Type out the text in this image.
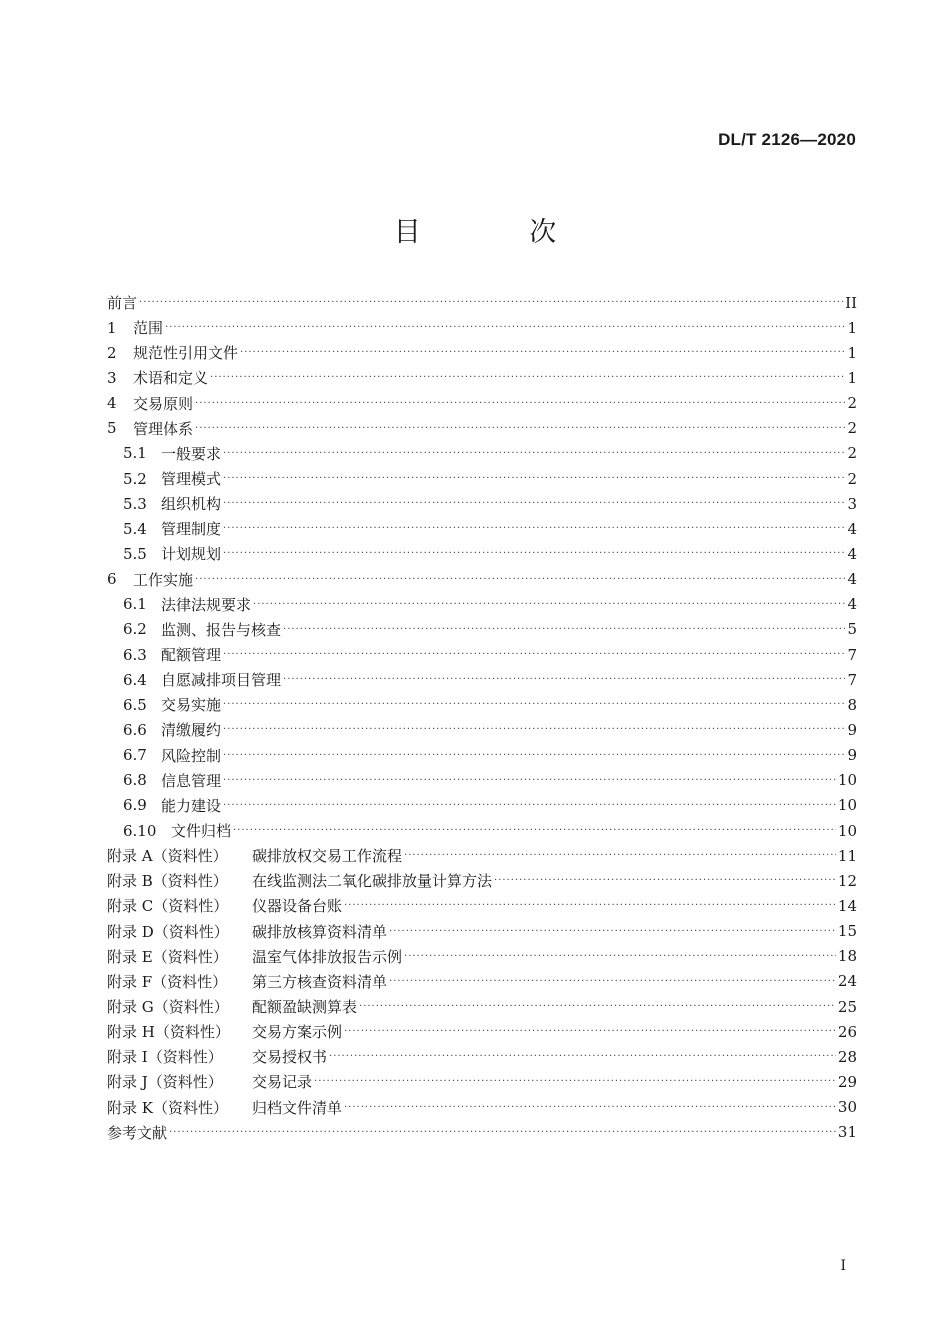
DL/T 2126—2020
目 次
前言 ·····	II
1	范围 ·····	1
2	规范性引用文件 ·····	1
3	术语和定义 ·····	1
4	交易原则 ·····	2
5	管理体系 ·····	2
5.1 一般要求 ·····	2
5.2 管理模式 ·····	2
5.3 组织机构 ·····	3
5.4 管理制度 ·····	4
5.5 计划规划 ·····	4
6	工作实施 ·····	4
6.1 法律法规要求 ·····	4
6.2 监测、报告与核查 ·····	5
6.3 配额管理 ·····	7
6.4 自愿减排项目管理 ·····	7
6.5 交易实施 ·····	8
6.6 清缴履约 ·····	9
6.7 风险控制 ·····	9
6.8 信息管理 ·····	10
6.9 能力建设 ·····	10
6.10 文件归档 ·····	10
附录 A（资料性）	碳排放权交易工作流程 ·····	11
附录 B（资料性）	在线监测法二氧化碳排放量计算方法 ·····	12
附录 C（资料性）	仪器设备台账 ·····	14
附录 D（资料性）	碳排放核算资料清单 ·····	15
附录 E（资料性）	温室气体排放报告示例 ·····	18
附录 F（资料性）	第三方核查资料清单 ·····	24
附录 G（资料性）	配额盈缺测算表 ·····	25
附录 H（资料性）	交易方案示例 ·····	26
附录 I（资料性）	交易授权书 ·····	28
附录 J（资料性）	交易记录 ·····	29
附录 K（资料性）	归档文件清单 ·····	30
参考文献 ·····	31
I
